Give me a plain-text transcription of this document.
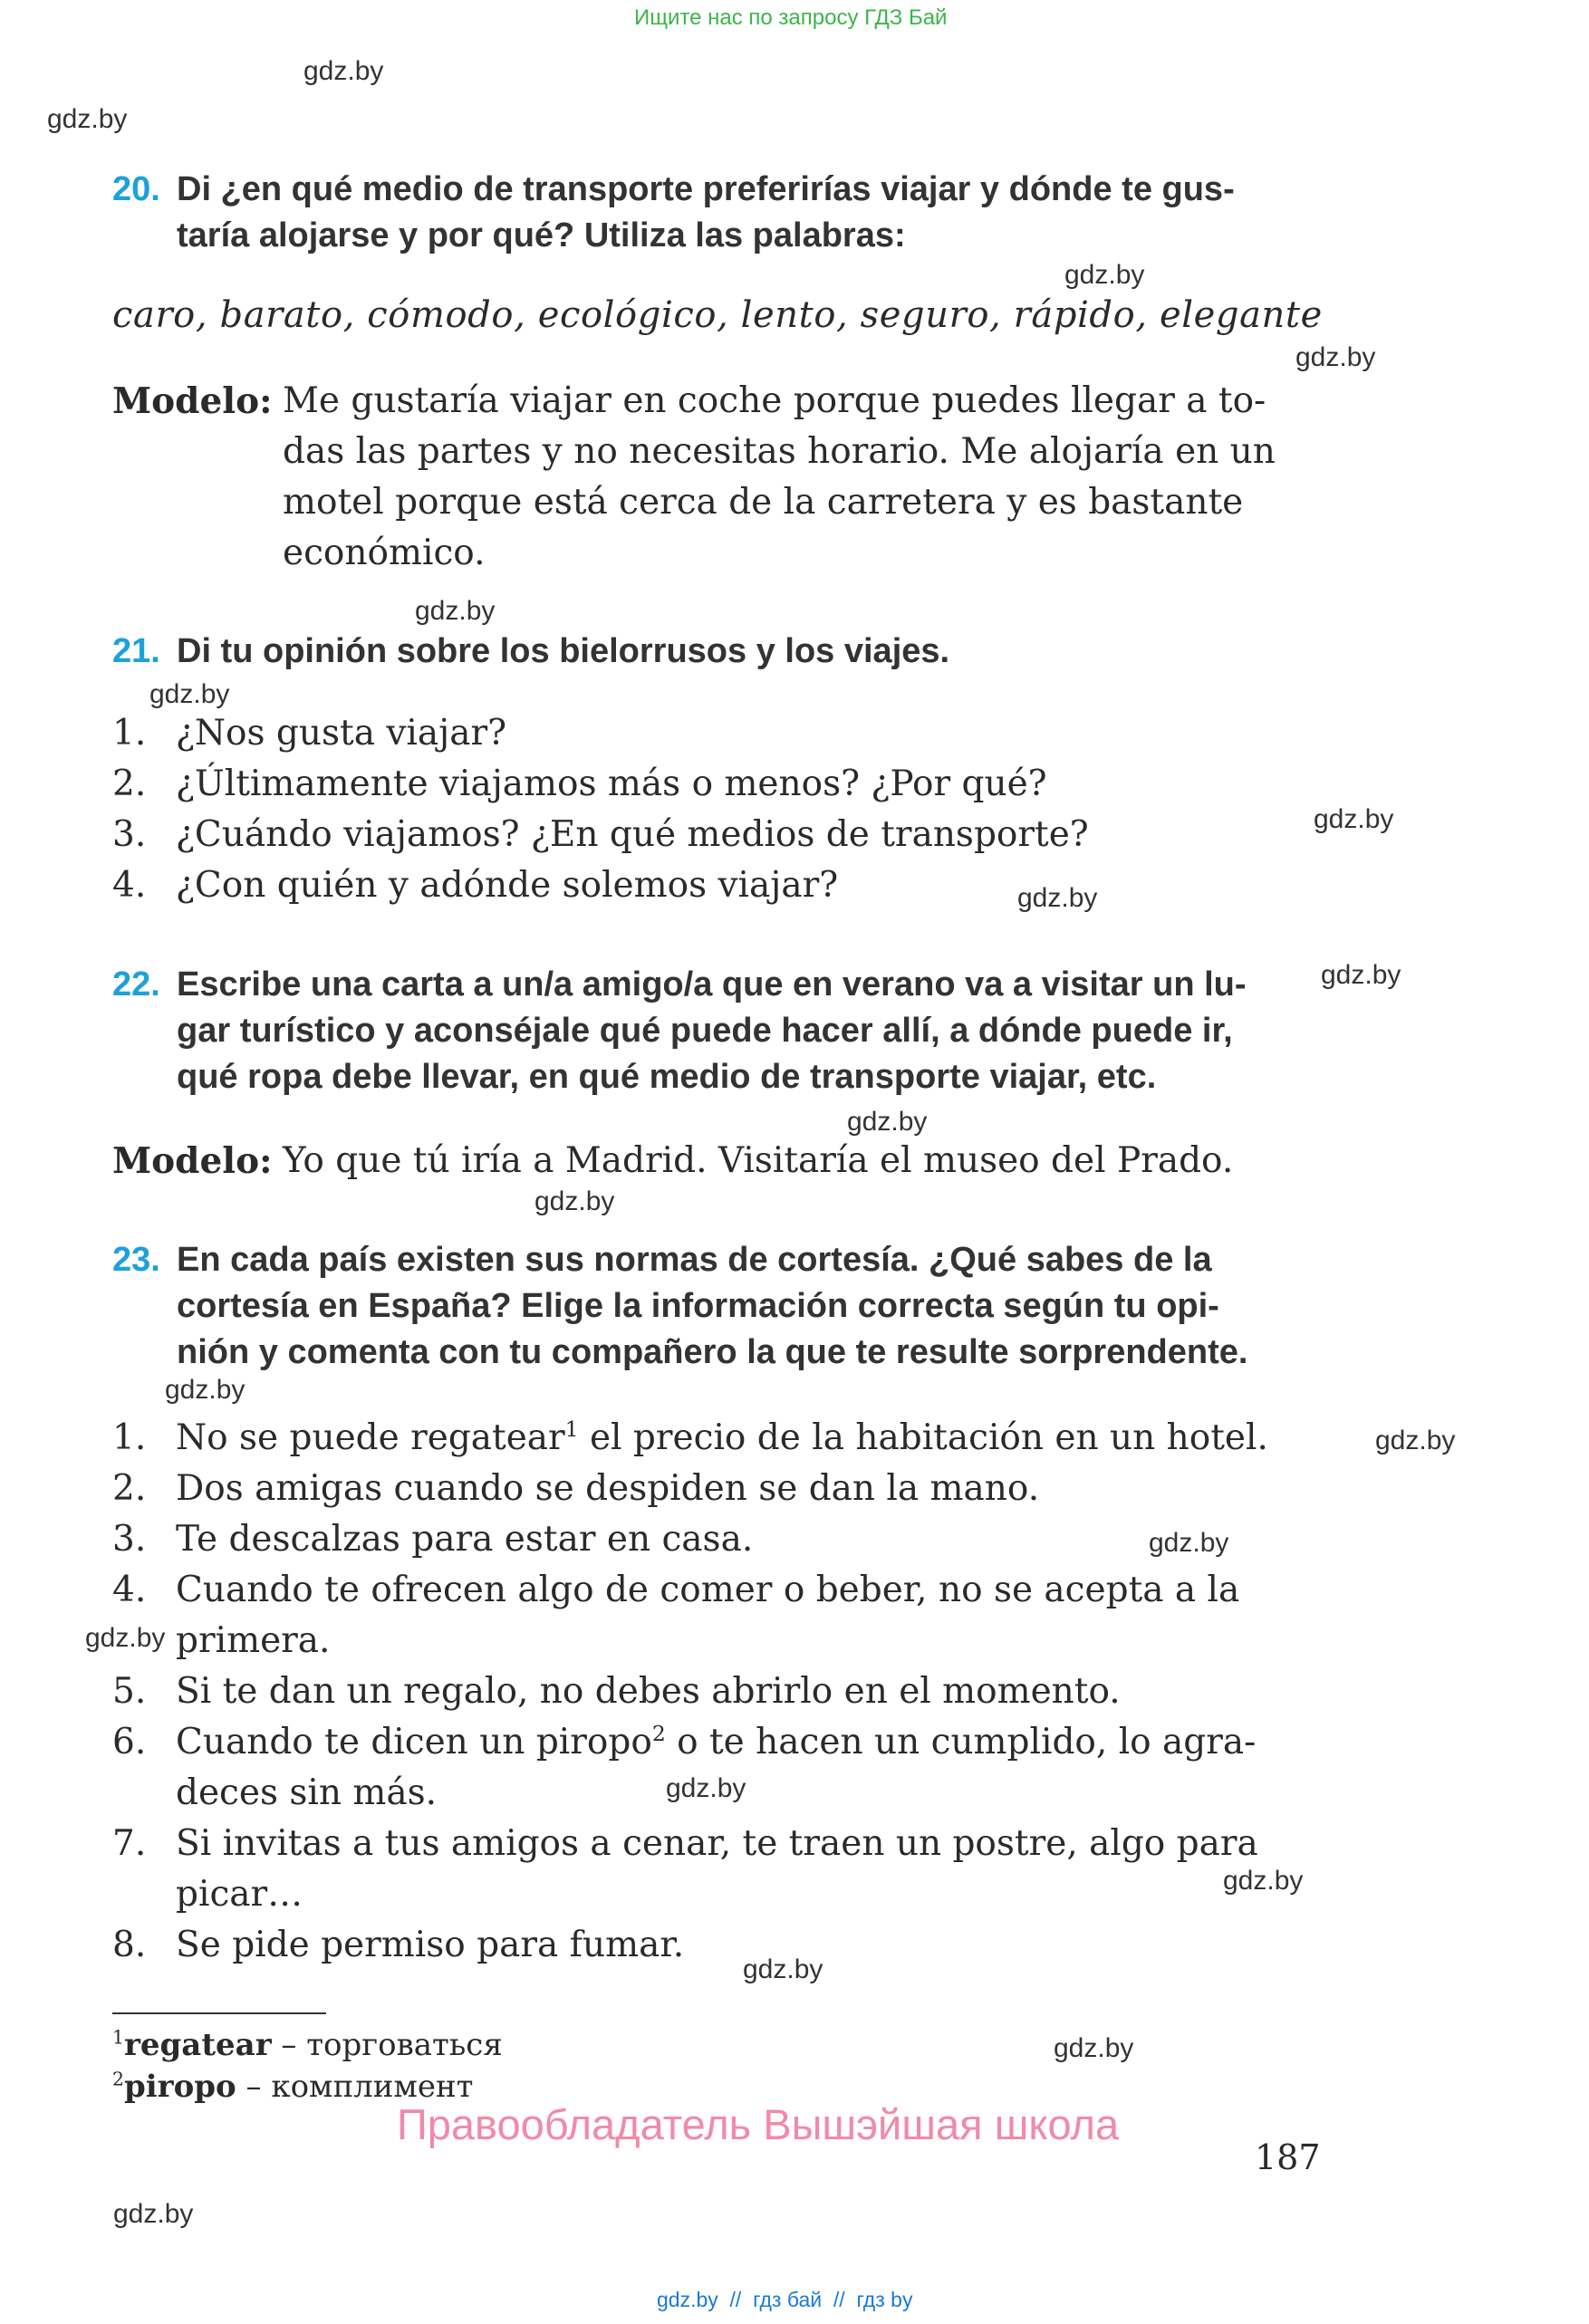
Ищите нас по запросу ГДЗ Бай
gdz.by
gdz.by
gdz.by
gdz.by
gdz.by
gdz.by
gdz.by
gdz.by
gdz.by
gdz.by
gdz.by
gdz.by
gdz.by
gdz.by
gdz.by
gdz.by
gdz.by
gdz.by
gdz.by
gdz.by
20. Di ¿en qué medio de transporte preferirías viajar y dónde te gus-
taría alojarse y por qué? Utiliza las palabras:
caro, barato, cómodo, ecológico, lento, seguro, rápido, elegante
Modelo: Me gustaría viajar en coche porque puedes llegar a to-
das las partes y no necesitas horario. Me alojaría en un
motel porque está cerca de la carretera y es bastante
económico.
21. Di tu opinión sobre los bielorrusos y los viajes.
1. ¿Nos gusta viajar?
2. ¿Últimamente viajamos más o menos? ¿Por qué?
3. ¿Cuándo viajamos? ¿En qué medios de transporte?
4. ¿Con quién y adónde solemos viajar?
22. Escribe una carta a un/a amigo/a que en verano va a visitar un lu-
gar turístico y aconséjale qué puede hacer allí, a dónde puede ir,
qué ropa debe llevar, en qué medio de transporte viajar, etc.
Modelo: Yo que tú iría a Madrid. Visitaría el museo del Prado.
23. En cada país existen sus normas de cortesía. ¿Qué sabes de la
cortesía en España? Elige la información correcta según tu opi-
nión y comenta con tu compañero la que te resulte sorprendente.
1. No se puede regatear$^1$ el precio de la habitación en un hotel.
2. Dos amigas cuando se despiden se dan la mano.
3. Te descalzas para estar en casa.
4. Cuando te ofrecen algo de comer o beber, no se acepta a la
primera.
5. Si te dan un regalo, no debes abrirlo en el momento.
6. Cuando te dicen un piropo$^2$ o te hacen un cumplido, lo agra-
deces sin más.
7. Si invitas a tus amigos a cenar, te traen un postre, algo para
picar…
8. Se pide permiso para fumar.
$^1$regatear – торговаться
$^2$piropo – комплимент
Правообладатель Вышэйшая школа
187
gdz.by  //  гдз бай  //  гдз by
